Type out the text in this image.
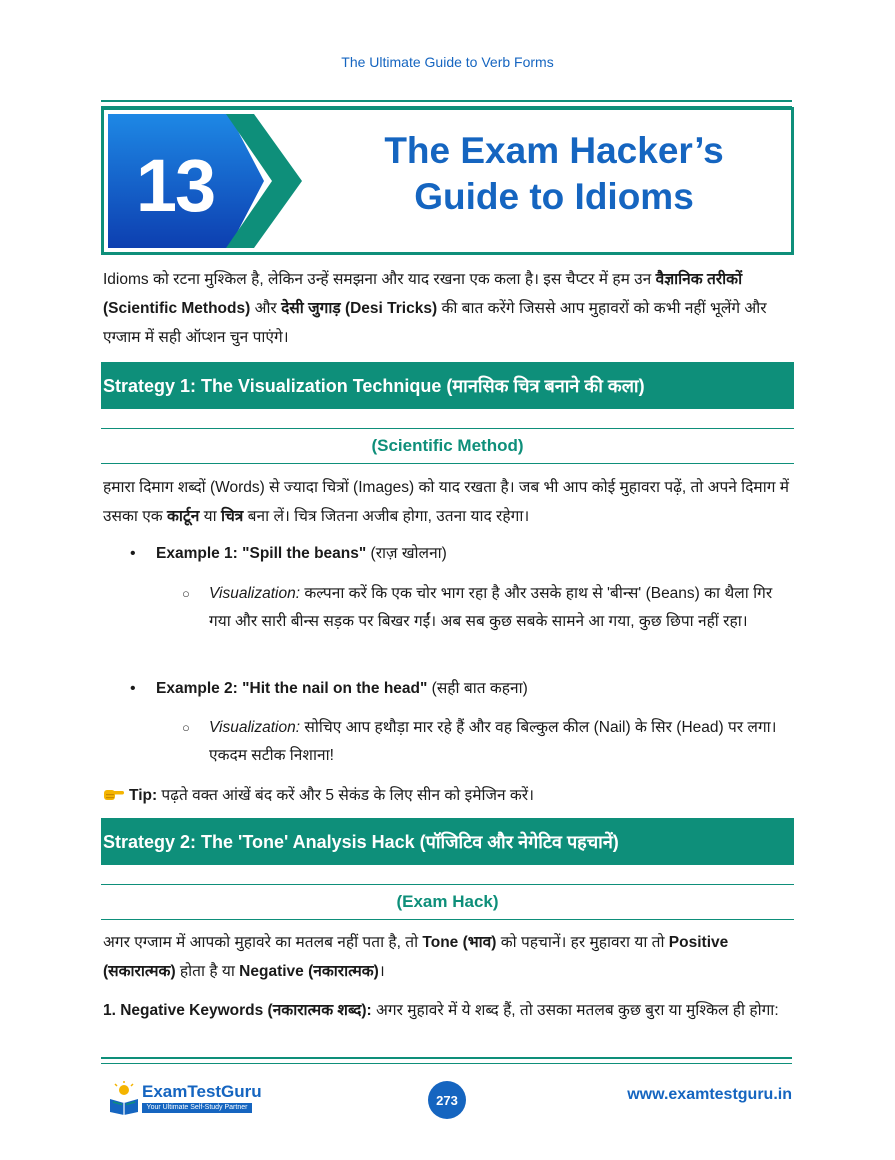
The Ultimate Guide to Verb Forms
13	The Exam Hacker’s
Guide to Idioms
Idioms को रटना मुश्किल है, लेकिन उन्हें समझना और याद रखना एक कला है। इस चैप्टर में हम उन वैज्ञानिक तरीकों (Scientific Methods) और देसी जुगाड़ (Desi Tricks) की बात करेंगे जिससे आप मुहावरों को कभी नहीं भूलेंगे और एग्जाम में सही ऑप्शन चुन पाएंगे।
Strategy 1: The Visualization Technique (मानसिक चित्र बनाने की कला)
(Scientific Method)
हमारा दिमाग शब्दों (Words) से ज्यादा चित्रों (Images) को याद रखता है। जब भी आप कोई मुहावरा पढ़ें, तो अपने दिमाग में उसका एक कार्टून या चित्र बना लें। चित्र जितना अजीब होगा, उतना याद रहेगा।
• Example 1: "Spill the beans" (राज़ खोलना)
○ Visualization: कल्पना करें कि एक चोर भाग रहा है और उसके हाथ से 'बीन्स' (Beans) का थैला गिर गया और सारी बीन्स सड़क पर बिखर गईं। अब सब कुछ सबके सामने आ गया, कुछ छिपा नहीं रहा।
• Example 2: "Hit the nail on the head" (सही बात कहना)
○ Visualization: सोचिए आप हथौड़ा मार रहे हैं और वह बिल्कुल कील (Nail) के सिर (Head) पर लगा। एकदम सटीक निशाना!
Tip: पढ़ते वक्त आंखें बंद करें और 5 सेकंड के लिए सीन को इमेजिन करें।
Strategy 2: The 'Tone' Analysis Hack (पॉजिटिव और नेगेटिव पहचानें)
(Exam Hack)
अगर एग्जाम में आपको मुहावरे का मतलब नहीं पता है, तो Tone (भाव) को पहचानें। हर मुहावरा या तो Positive (सकारात्मक) होता है या Negative (नकारात्मक)।
1. Negative Keywords (नकारात्मक शब्द): अगर मुहावरे में ये शब्द हैं, तो उसका मतलब कुछ बुरा या मुश्किल ही होगा:
ExamTestGuru
Your Ultimate Self-Study Partner	273	www.examtestguru.in
